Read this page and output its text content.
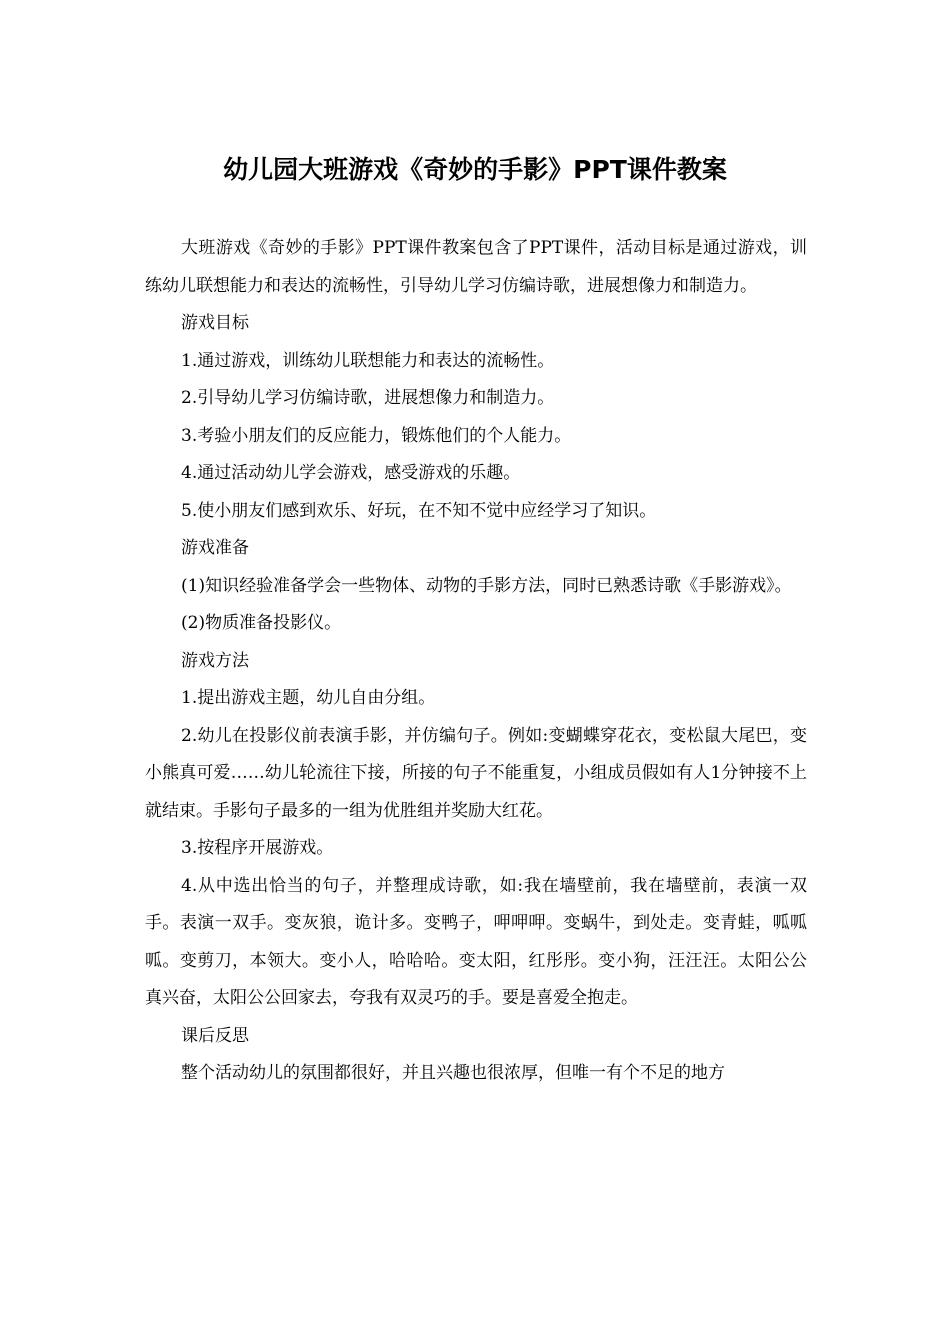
幼儿园大班游戏《奇妙的手影》PPT课件教案

大班游戏《奇妙的手影》PPT课件教案包含了PPT课件，活动目标是通过游戏，训练幼儿联想能力和表达的流畅性，引导幼儿学习仿编诗歌，进展想像力和制造力。

游戏目标

1.通过游戏，训练幼儿联想能力和表达的流畅性。

2.引导幼儿学习仿编诗歌，进展想像力和制造力。

3.考验小朋友们的反应能力，锻炼他们的个人能力。

4.通过活动幼儿学会游戏，感受游戏的乐趣。

5.使小朋友们感到欢乐、好玩，在不知不觉中应经学习了知识。

游戏准备

(1)知识经验准备学会一些物体、动物的手影方法，同时已熟悉诗歌《手影游戏》。

(2)物质准备投影仪。

游戏方法

1.提出游戏主题，幼儿自由分组。

2.幼儿在投影仪前表演手影，并仿编句子。例如:变蝴蝶穿花衣，变松鼠大尾巴，变小熊真可爱……幼儿轮流往下接，所接的句子不能重复，小组成员假如有人1分钟接不上就结束。手影句子最多的一组为优胜组并奖励大红花。

3.按程序开展游戏。

4.从中选出恰当的句子，并整理成诗歌，如:我在墙壁前，我在墙壁前，表演一双手。表演一双手。变灰狼，诡计多。变鸭子，呷呷呷。变蜗牛，到处走。变青蛙，呱呱呱。变剪刀，本领大。变小人，哈哈哈。变太阳，红彤彤。变小狗，汪汪汪。太阳公公真兴奋，太阳公公回家去，夸我有双灵巧的手。要是喜爱全抱走。

课后反思

整个活动幼儿的氛围都很好，并且兴趣也很浓厚，但唯一有个不足的地方
